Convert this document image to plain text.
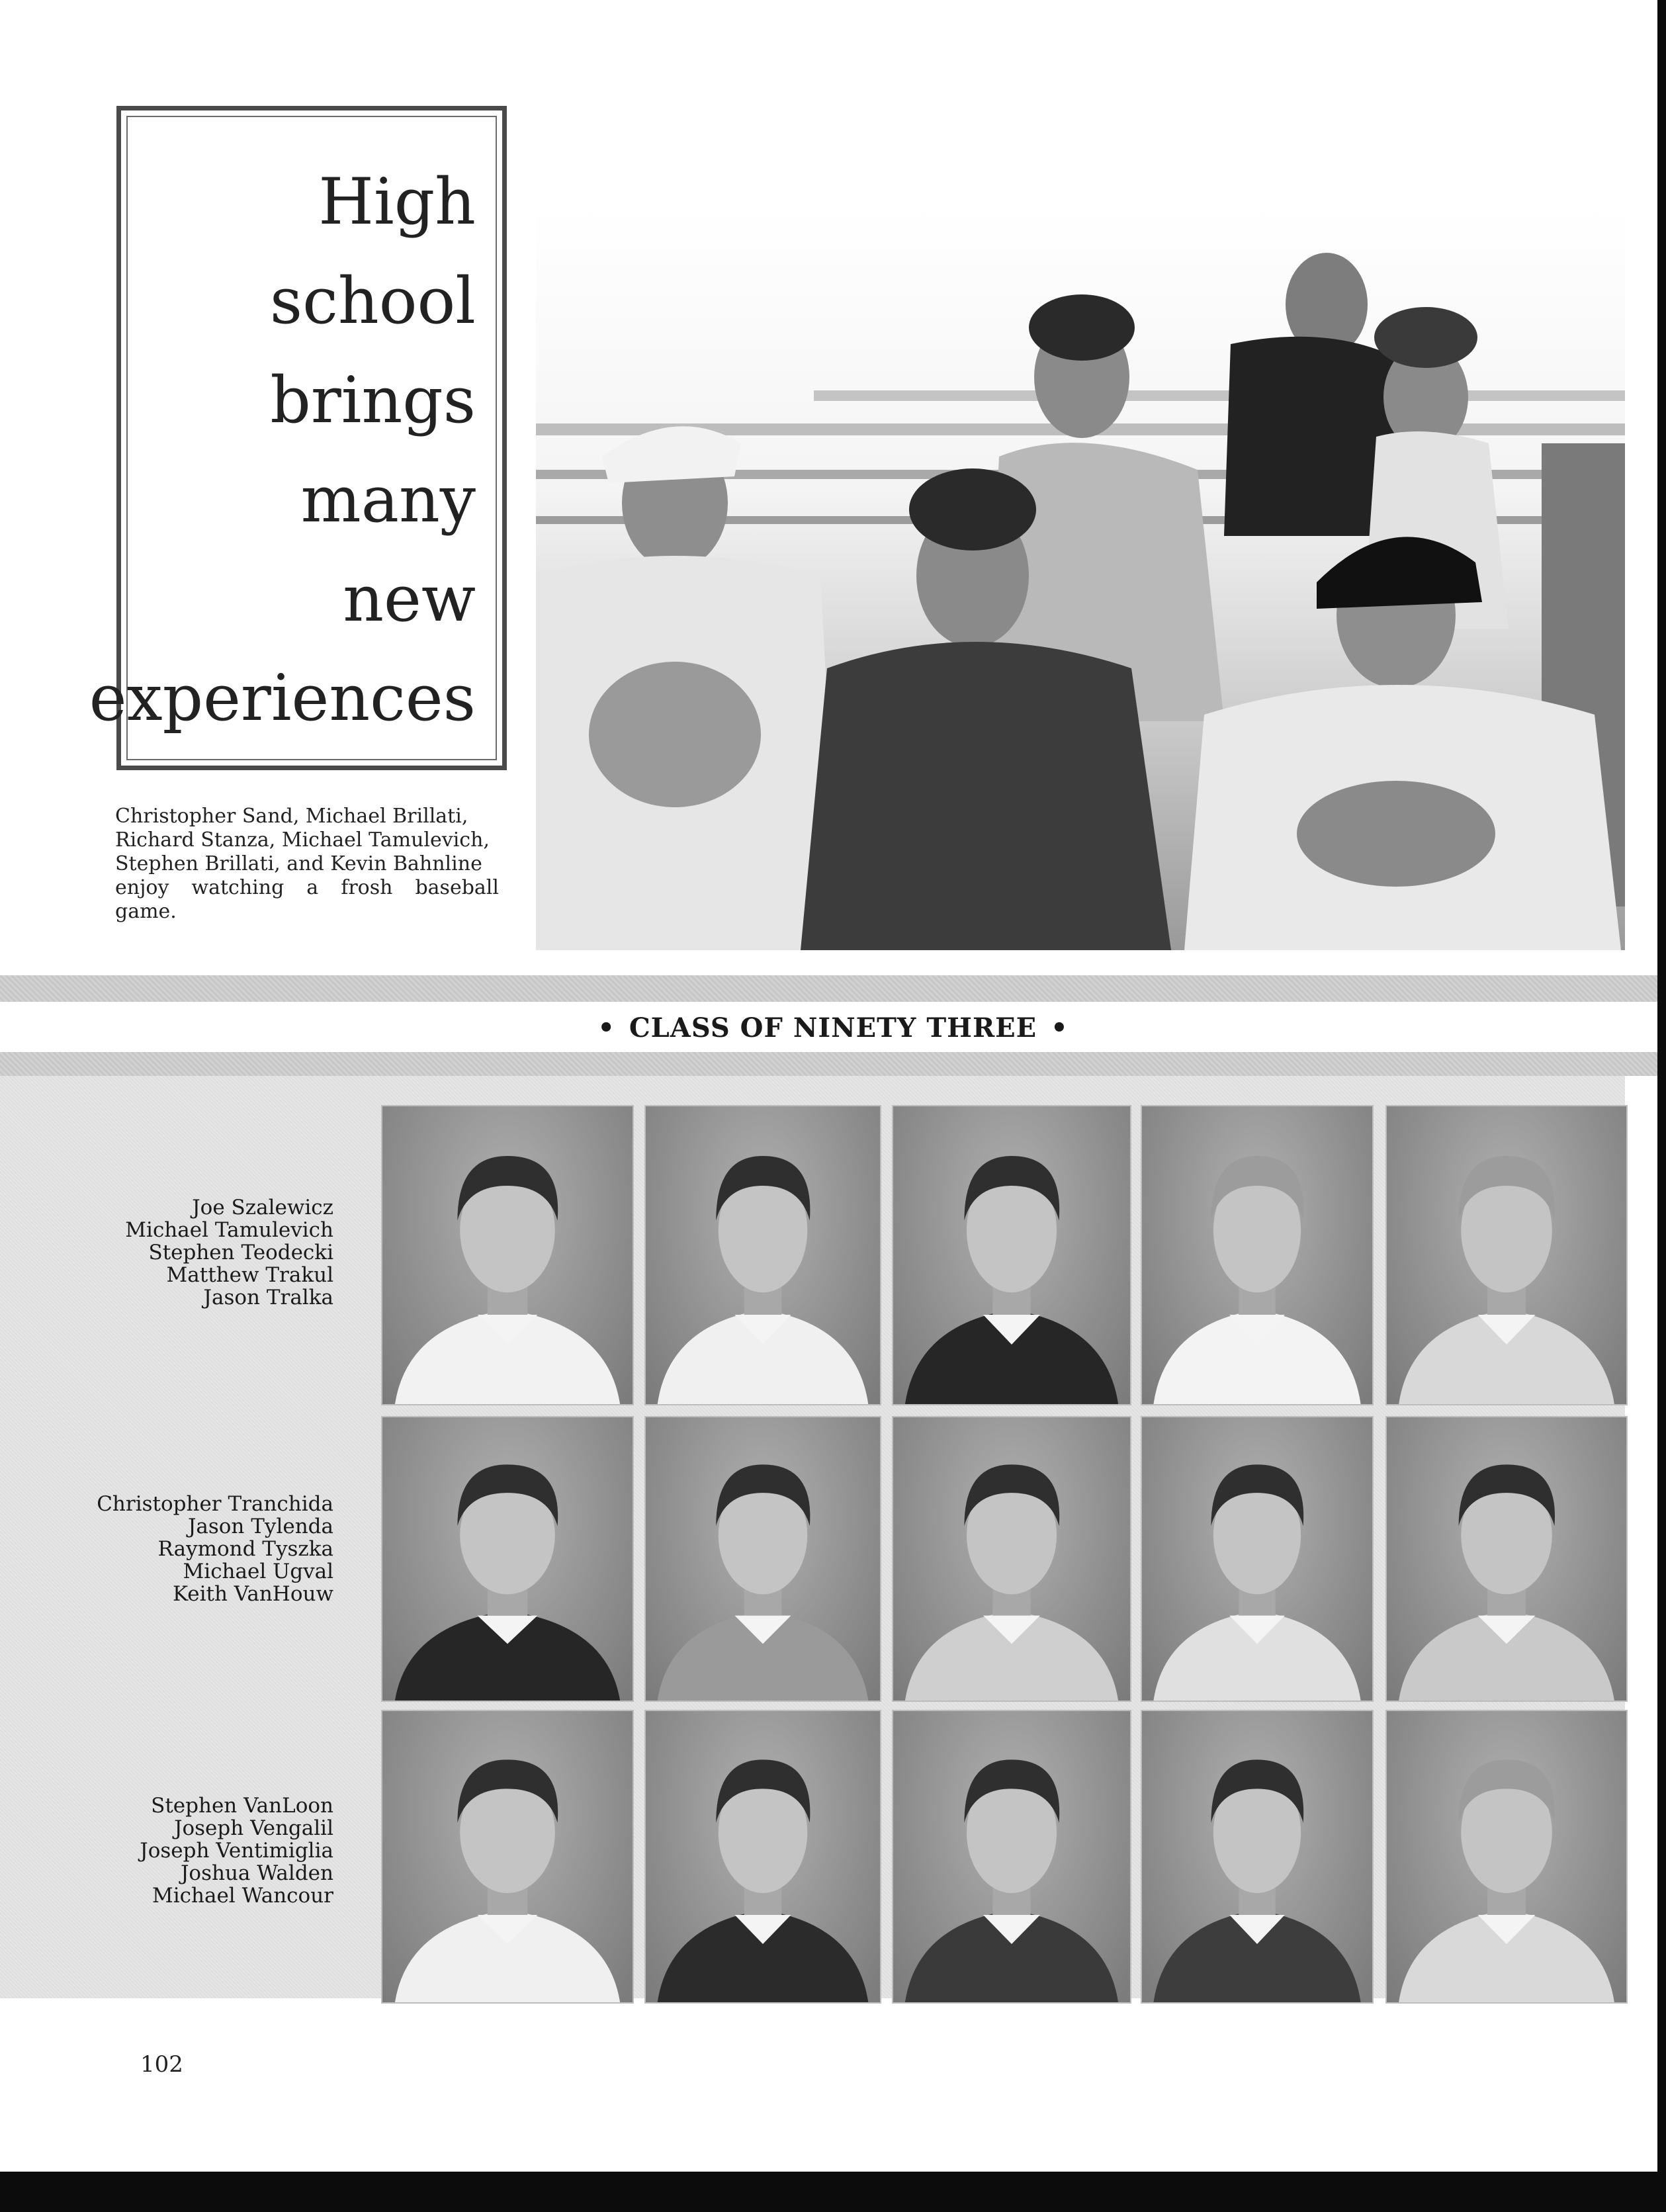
High
school
brings
many
new
experiences
Christopher Sand, Michael Brillati,
Richard Stanza, Michael Tamulevich,
Stephen Brillati, and Kevin Bahnline
enjoy watching a frosh baseball game.
• CLASS OF NINETY THREE •
Joe Szalewicz
Michael Tamulevich
Stephen Teodecki
Matthew Trakul
Jason Tralka
Christopher Tranchida
Jason Tylenda
Raymond Tyszka
Michael Ugval
Keith VanHouw
Stephen VanLoon
Joseph Vengalil
Joseph Ventimiglia
Joshua Walden
Michael Wancour
102
